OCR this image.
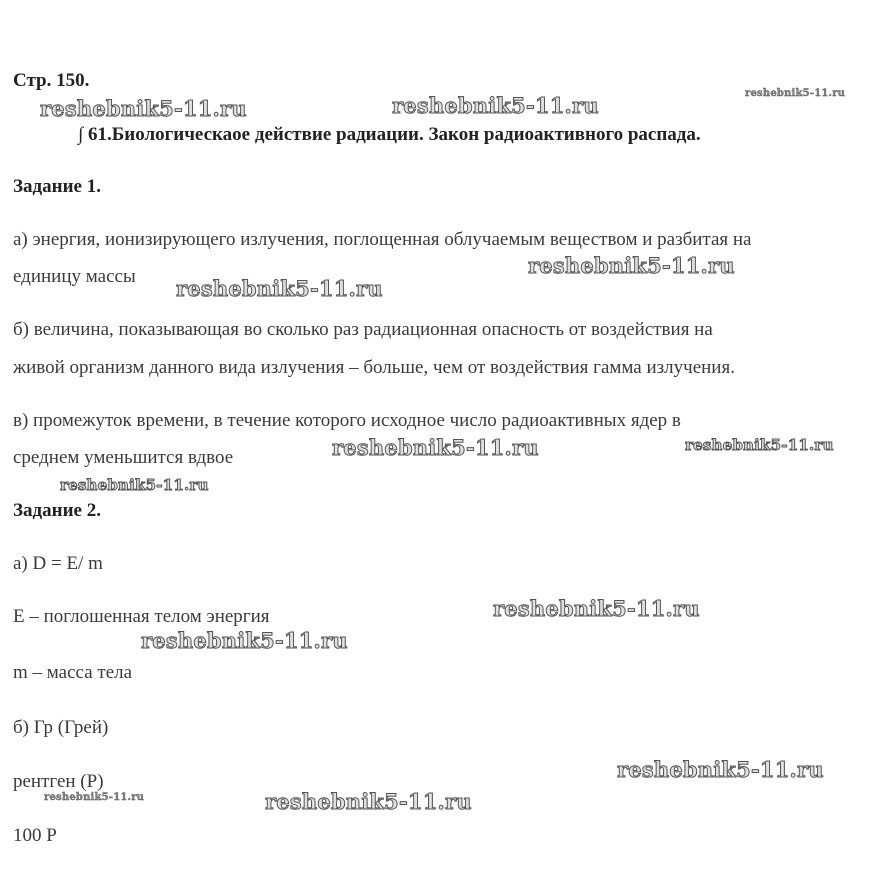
Стр. 150.
reshebnik5-11.ru	reshebnik5-11.ru	reshebnik5-11.ru
∫ 61.Биологическаое действие радиации. Закон радиоактивного распада.
Задание 1.
а) энергия, ионизирующего излучения, поглощенная облучаемым веществом и разбитая на
единицу массы	reshebnik5-11.ru
reshebnik5-11.ru
б) величина, показывающая во сколько раз радиационная опасность от воздействия на
живой организм данного вида излучения – больше, чем от воздействия гамма излучения.
в) промежуток времени, в течение которого исходное число радиоактивных ядер в
среднем уменьшится вдвое	reshebnik5-11.ru	reshebnik5-11.ru
reshebnik5-11.ru
Задание 2.
а) D = E/ m
E – поглошенная телом энергия	reshebnik5-11.ru
reshebnik5-11.ru
m – масса тела
б) Гр (Грей)
reshebnik5-11.ru
рентген (Р)
reshebnik5-11.ru	reshebnik5-11.ru
100 Р
